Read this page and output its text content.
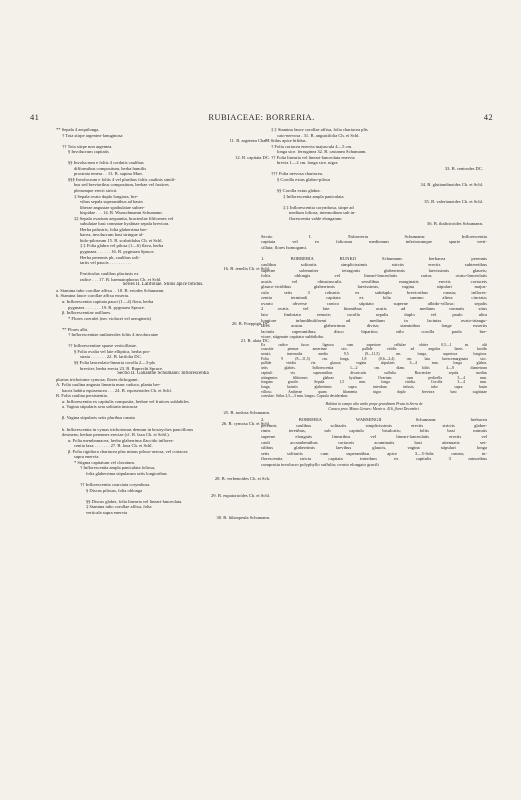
41	RUBIACEAE: BORRERIA.	42
** Sepala 4 aequilonga.
† Tota stirpe argenteo-lanuginosa
11. B. argentea Cham.
†† Tota stirpe non argentea.
§ Involucrum capitatis
12. B. capitata DC.
§§ Involucrum e foliis 4 cordatis caulibus
difformibus compositum, herba humilis
prostrata tenera . . 13. B. supina Mart.
§§§ Involucrum e foliis 4 vel pluribus foliis caulinis simili-
bus sed brevioribus compositum, herbae vel frutices
plerumque erecti stricti.
‡ Sepala ovato duplo longiora, bre-
vibus sepala superantibus ad basin
liberae angustae spathulatae subter-
hispidae . . . 14. B. Wunschmanni Schumann.
‡‡ Sepala ovarium aequantia, bracteolae filiformes vel
subulatae basi connatae hyalinae sepala breviora.
Herba palustris, folia glaberrima ber-
bacea, involucrum basi stringue al-
bido-piloseum 15. B. scabridulus Ch. et Schl.
‡ ‡ Folia glabra vel pilosa (1—6) flava, herba
pygmaea . . . . . . 16. B. pygmaea Spruce.
Herba perennis pb, caulibus soli-
tariis vel paucis . . . . . . . . . .
16. B. tenella Ch. et Schl.
Frutiiculus caulibus placiusis ex
radice . . . 17. B. haematophorus Ch. et Schl.
Series II. Latifoliae. Stilus apice bifidus.
a. Stamina tubo corollae affixa . . 18. B. eriodes Schumann.
b. Stamina fauce corollae affixa exserta.
α. Inflorescentia capitata pauci (1—4) flora, herba
pygmaea . . . . . . . 19. B. pygmaea Spruce.
β. Inflorescentiae axillares.
* Flores coerulei (nec violacei vel aerugineis)
20. B. Poeppigii DC.
** Flores albi.
† Inflorescentiae unilaterales foliis 4 involucratae
21. B. alata DC.
†† Inflorescentiae sparse verticillatae.
§ Folia ovalia vel late elliptica, herba pro-
strata . . . . . . . 22. B. latifolia DC.
§§ Folia lanceolato-linearia corolla 2—3-plo
breviter, herba erecta 23. B. Ruprecht Spruce.
Sectio II. Galianthe Schumann: Inflorescentia
plurius trichotome cymosa; flores dichogami.
A. Folia caulina angusta linearia nunc caduca, planta her-
bacea habitu equisetacea . . . 24. B. equisetoides Ch. et Schl.
B. Folia caulina persistentia.
α. Inflorescentia ex capitulis composita, herbae vel frutices sublabiles.
a. Vagina stipularis seta solitaria instructa
25. B. nodosa Schumann.
β. Vagina stipularis setis pluribus ornata
26. B. cymosa Ch. et Schl.
b. Inflorescentia in cymas trichotomas demum in bostryches pauciflorus
desinens; herbae perennes erectae (cf. B. laxa Ch. et Schl.).
α. Folia membranacea, herba glaberrima flaccido inflores-
centia laxa . . . . . . . 27. B. laxa Ch. et Schl.
β. Folia rigidiora chartacea plus minus piloso-aerosa, vel coriacea
supra enervia.
* Stigma capitatum vel clavatum.
† Inflorescentia ampla paniculata foliosa,
folia glaberrima stipularum setis longioribus
28. B. verbenoides Ch. et Sch.
†† Inflorescentia coarctata corymbosa.
§ Discus pilosus, folia oblonga
29. B. eupatorioides Ch. et Schl.
§§ Discus glaber, folia linearia vel lineari-lanceolata.
‡ Stamina tubo corollae affixa, folia
verticala supra enervia
30. B. lithospeula Schumann.
‡ ‡ Stamina fauce corollae affixa, folia chartacea plis
cato-nervosa . 31. B. angustifolia Ch. et Schl.
** Stilus apice bifidus.
† Folia coriacea enervia majuscula 4—5 cm.
longa sice. ferruginea 32. B. castanea Schumann.
†† Folia linearia vel lineari-lanceolata enervia
brevia 1—2 cm. longa sice. nigra
33. B. centrodes DC.
††† Folia nervosa chartacea.
§ Corolla extus glabro-pilosa
34. B. gluttandinoides Ch. et Schl.
§§ Corolla extus glabra.
‡ Inflorescentia ampla paniculata
35. B. valerianoides Ch. et Schl.
‡ ‡ Inflorescentia corymbosa, stirpe ad
medium foliosa, internodium sub in-
florescentia valde elongatum
36. B. thalictroides Schumann.
Sectio I. Euborreria Schumann: Inflorescentia
capitata vel ex foliorum medionum inferiorumque spurie verti-
cillata; flores homogami.
1. BORRERIA RUNKII Schumann: herbacea perennis
caulibus solitariis simplicissimis strictis erectis subteretibus
superne solemniter tetragonis glaberrimis laevissimis glaueis;
foliis oblongis vel lineari-lanceolatis rarius ovato-lanceolatis
acutis vel obtusiusculis sessilibus marginatis erectis coriaceis
glauco-viridibus glaberrimis laevissimis, vagina stipulari majus-
cula setis 3 robustis ex subduplo brevioribus ornata; inflores-
centia terminali capitata ex folio summo altera cinctata;
ovario obverse conico stipitato superne albido-villoso; sepalis
2 ovatis vel late lineatibus acutis ad medium connatis situs
lato fimbriato remote; corolla sepalis duplo vel paulo ultra
longiore infundibuliformi ad medium in lacinias ovato-triangu-
lares acutas glaberrimas divisa; staminibus longe exsertis
laciniis superantibus; disco bipartito; stilo corolla paulo bre-
viore, stigmate capitato subbilobo.
Ex radice fusco lignosa cum superiore cellulae obiter 0,5—1 m. alti
crassitie pennae anserinae sicc. pallide viridis ad angulos lineis lucidis
notati; internodia media 9,5 (9—11,5) cm. longa, superiora longiora.
Folia 9 (8—11,5) cm. longa, 1,8 (0,6—2,4) cm. lata lutescemarginata sicc.
pallide viridia vix glauca; vagina stipularis 3—4 mm. longa glabra,
setis glabris. Inflorescentia 1—2 cm. diam. foliis 4—8 diametrum
capituli vix superantibus divaricatis suffulta. Bracteolae sepala medias
attingentes filiformes glabrae hyalinae. Ovarium cum pedicello 3—4 mm.
longum gracile. Sepala 1,5 mm. longa viridia. Corolla 3—4 mm.
longa, laciniis glaberrimis supra interdum infusis, tubo supra basin
villoso. Antherae quam filamenta nigra duplo breviora basi sagittatae
coerulae. Stilus 2,5—3 mm. longus. Capsula desiderabur.
Habitat in campo alto arido prope grandinem Prata in Serra de
Caraca prov. Minas Geraes: Menie n. 416, floret Decembri.
2. BORRERIA WARMINGII Schumann: herbacea
perennis caulibus solitariis simplicissimis erectis strictis glaber-
rimis teretibus, sub capitulo bisulcatis; foliis basi minutis
superne elongatis linearibus vel lineari-lanceolatis erectis vel
cauli accumbentibus coriaceis acuminatis basi attenuatis ses-
silibus glaberrimis laevibus glaucis, vagina stipulari longa
setis solitariis cum superantibus apice 3—5-fidis ornata; in-
florescentia stricta capitata interdum ex capitulis 3 minoribus
composita involucro polyphyllo suffulta; ovario elongato gracili
